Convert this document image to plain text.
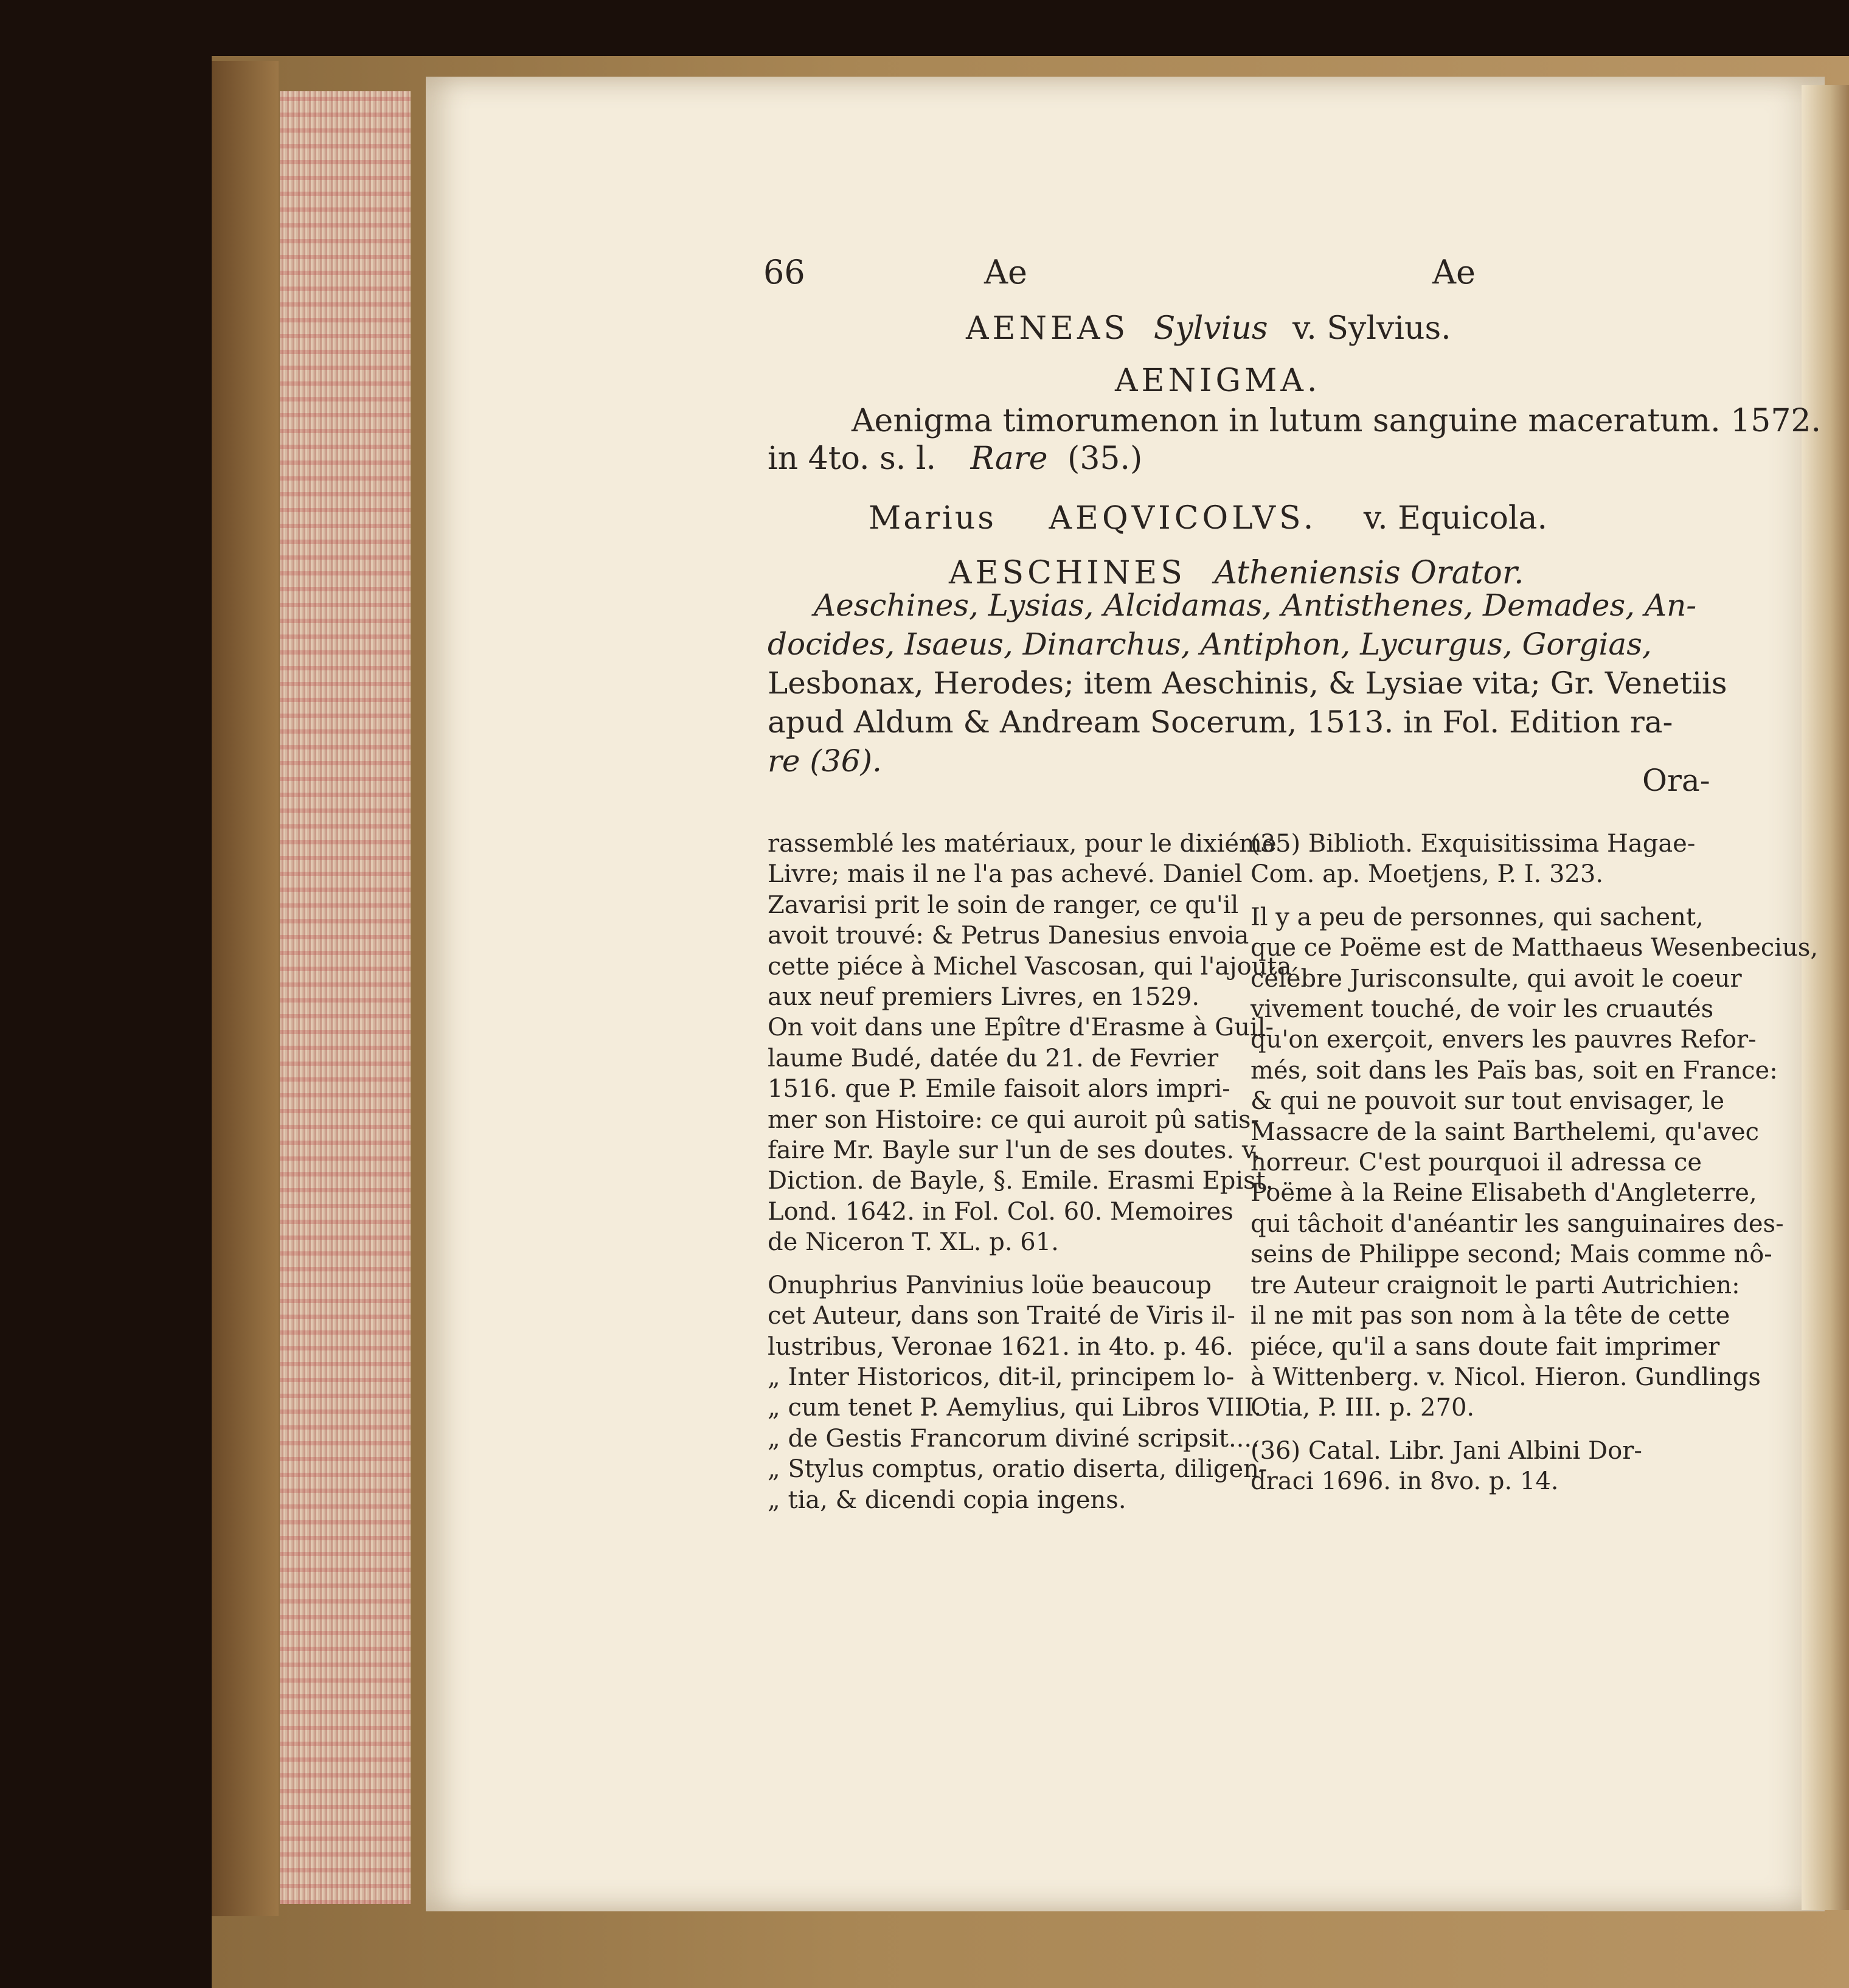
66	Ae	Ae
AENEAS Sylvius v. Sylvius.
AENIGMA.
Aenigma timorumenon in lutum sanguine maceratum. 1572.
in 4to. s. l. Rare (35.)
Marius AEQVICOLVS. v. Equicola.
AESCHINES Atheniensis Orator.
Aeschines, Lysias, Alcidamas, Antisthenes, Demades, An-
docides, Isaeus, Dinarchus, Antiphon, Lycurgus, Gorgias,
Lesbonax, Herodes; item Aeschinis, & Lysiae vita; Gr. Venetiis
apud Aldum & Andream Socerum, 1513. in Fol. Edition ra-
re (36).
Ora-
rassemblé les matériaux, pour le dixiéme
Livre; mais il ne l'a pas achevé. Daniel
Zavarisi prit le soin de ranger, ce qu'il
avoit trouvé: & Petrus Danesius envoia
cette piéce à Michel Vascosan, qui l'ajouta
aux neuf premiers Livres, en 1529.
On voit dans une Epître d'Erasme à Guil-
laume Budé, datée du 21. de Fevrier
1516. que P. Emile faisoit alors impri-
mer son Histoire: ce qui auroit pû satis-
faire Mr. Bayle sur l'un de ses doutes. v.
Diction. de Bayle, §. Emile. Erasmi Epist.
Lond. 1642. in Fol. Col. 60. Memoires
de Niceron T. XL. p. 61.

Onuphrius Panvinius loüe beaucoup
cet Auteur, dans son Traité de Viris il-
lustribus, Veronae 1621. in 4to. p. 46.
„ Inter Historicos, dit-il, principem lo-
„ cum tenet P. Aemylius, qui Libros VIII.
„ de Gestis Francorum diviné scripsit....
„ Stylus comptus, oratio diserta, diligen-
„ tia, & dicendi copia ingens.
(35) Biblioth. Exquisitissima Hagae-
Com. ap. Moetjens, P. I. 323.

Il y a peu de personnes, qui sachent,
que ce Poëme est de Matthaeus Wesenbecius,
célébre Jurisconsulte, qui avoit le coeur
vivement touché, de voir les cruautés
qu'on exerçoit, envers les pauvres Refor-
més, soit dans les Païs bas, soit en France:
& qui ne pouvoit sur tout envisager, le
Massacre de la saint Barthelemi, qu'avec
horreur. C'est pourquoi il adressa ce
Poëme à la Reine Elisabeth d'Angleterre,
qui tâchoit d'anéantir les sanguinaires des-
seins de Philippe second; Mais comme nô-
tre Auteur craignoit le parti Autrichien:
il ne mit pas son nom à la tête de cette
piéce, qu'il a sans doute fait imprimer
à Wittenberg. v. Nicol. Hieron. Gundlings
Otia, P. III. p. 270.

(36) Catal. Libr. Jani Albini Dor-
draci 1696. in 8vo. p. 14.
